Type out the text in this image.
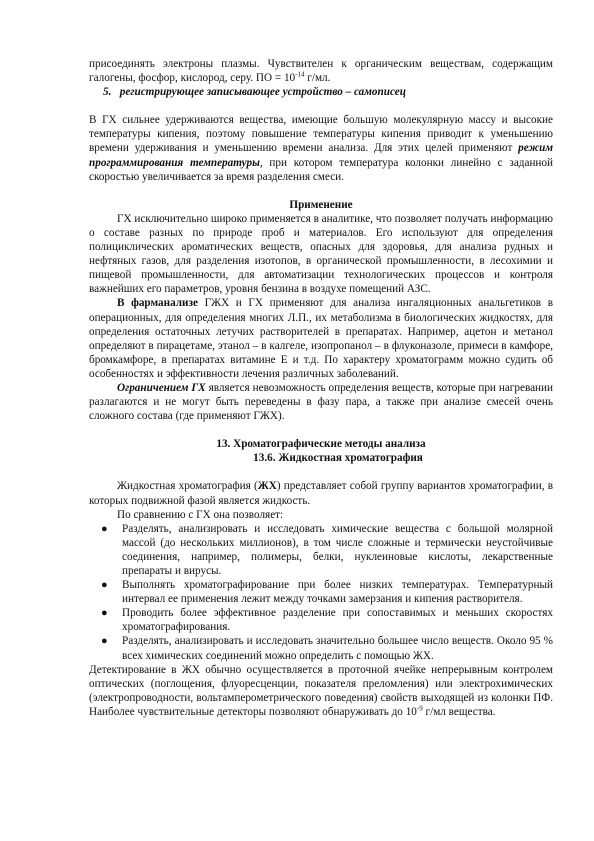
присоединять электроны плазмы. Чувствителен к органическим веществам, содержащим галогены, фосфор, кислород, серу. ПО = $10^{-14}$ г/мл.
5. регистрирующее записывающее устройство – самописец
В ГХ сильнее удерживаются вещества, имеющие большую молекулярную массу и высокие температуры кипения, поэтому повышение температуры кипения приводит к уменьшению времени удерживания и уменьшению времени анализа. Для этих целей применяют режим программирования температуры, при котором температура колонки линейно с заданной скоростью увеличивается за время разделения смеси.
Применение
ГХ исключительно широко применяется в аналитике, что позволяет получать информацию о составе разных по природе проб и материалов. Его используют для определения полициклических ароматических веществ, опасных для здоровья, для анализа рудных и нефтяных газов, для разделения изотопов, в органической промышленности, в лесохимии и пищевой промышленности, для автоматизации технологических процессов и контроля важнейших его параметров, уровня бензина в воздухе помещений АЗС.
В фарманализе ГЖХ и ГХ применяют для анализа ингаляционных анальгетиков в операционных, для определения многих Л.П., их метаболизма в биологических жидкостях, для определения остаточных летучих растворителей в препаратах. Например, ацетон и метанол определяют в пирацетаме, этанол – в калгеле, изопропанол – в флуконазоле, примеси в камфоре, бромкамфоре, в препаратах витамине Е и т.д. По характеру хроматограмм можно судить об особенностях и эффективности лечения различных заболеваний.
Ограничением ГХ является невозможность определения веществ, которые при нагревании разлагаются и не могут быть переведены в фазу пара, а также при анализе смесей очень сложного состава (где применяют ГЖХ).
13. Хроматографические методы анализа
13.6. Жидкостная хроматография
Жидкостная хроматография (ЖХ) представляет собой группу вариантов хроматографии, в которых подвижной фазой является жидкость.
По сравнению с ГХ она позволяет:
● Разделять, анализировать и исследовать химические вещества с большой молярной массой (до нескольких миллионов), в том числе сложные и термически неустойчивые соединения, например, полимеры, белки, нуклеиновые кислоты, лекарственные препараты и вирусы.
● Выполнять хроматографирование при более низких температурах. Температурный интервал ее применения лежит между точками замерзания и кипения растворителя.
● Проводить более эффективное разделение при сопоставимых и меньших скоростях хроматографирования.
● Разделять, анализировать и исследовать значительно большее число веществ. Около 95 % всех химических соединений можно определить с помощью ЖХ.
Детектирование в ЖХ обычно осуществляется в проточной ячейке непрерывным контролем оптических (поглощения, флуоресценции, показателя преломления) или электрохимических (электропроводности, вольтамперометрического поведения) свойств выходящей из колонки ПФ. Наиболее чувствительные детекторы позволяют обнаруживать до $10^{-9}$ г/мл вещества.
